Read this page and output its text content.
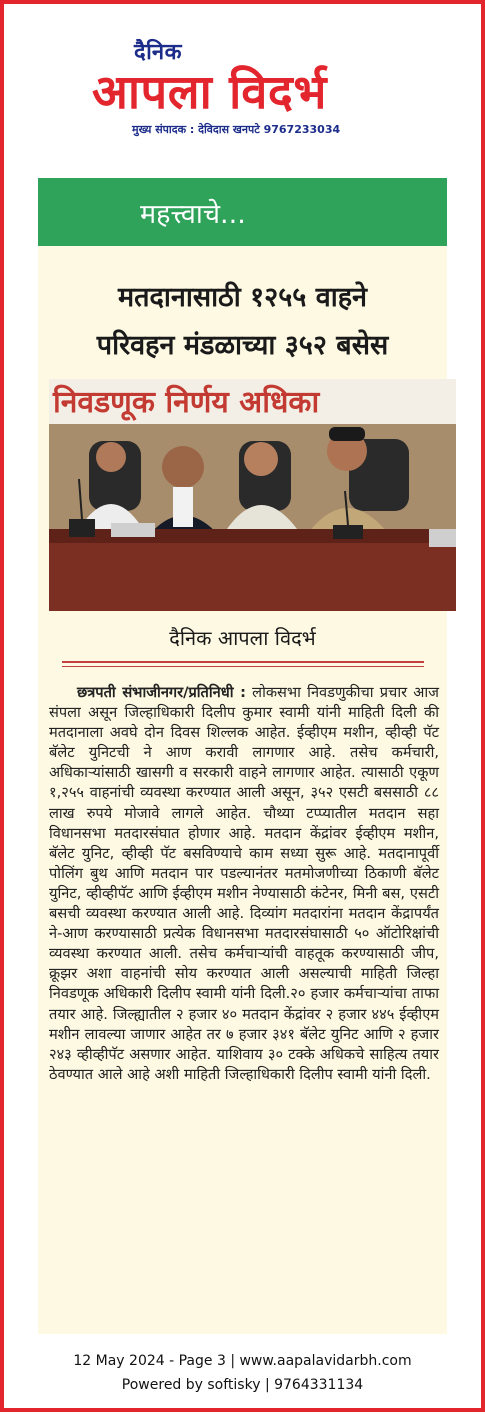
दैनिक
आपला विदर्भ
मुख्य संपादक : देविदास खनपटे 9767233034
महत्त्वाचे...
मतदानासाठी १२५५ वाहने
परिवहन मंडळाच्या ३५२ बसेस
निवडणूक निर्णय अधिका
दैनिक आपला विदर्भ
छत्रपती संभाजीनगर/प्रतिनिधी : लोकसभा निवडणुकीचा प्रचार आज संपला असून जिल्हाधिकारी दिलीप कुमार स्वामी यांनी माहिती दिली की मतदानाला अवघे दोन दिवस शिल्लक आहेत. ईव्हीएम मशीन, व्हीव्ही पॅट बॅलेट युनिटची ने आण करावी लागणार आहे. तसेच कर्मचारी, अधिकाऱ्यांसाठी खासगी व सरकारी वाहने लागणार आहेत. त्यासाठी एकूण १,२५५ वाहनांची व्यवस्था करण्यात आली असून, ३५२ एसटी बससाठी ८८ लाख रुपये मोजावे लागले आहेत. चौथ्या टप्प्यातील मतदान सहा विधानसभा मतदारसंघात होणार आहे. मतदान केंद्रांवर ईव्हीएम मशीन, बॅलेट युनिट, व्हीव्ही पॅट बसविण्याचे काम सध्या सुरू आहे. मतदानापूर्वी पोलिंग बुथ आणि मतदान पार पडल्यानंतर मतमोजणीच्या ठिकाणी बॅलेट युनिट, व्हीव्हीपॅट आणि ईव्हीएम मशीन नेण्यासाठी कंटेनर, मिनी बस, एसटी बसची व्यवस्था करण्यात आली आहे. दिव्यांग मतदारांना मतदान केंद्रापर्यंत ने-आण करण्यासाठी प्रत्येक विधानसभा मतदारसंघासाठी ५० ऑटोरिक्षांची व्यवस्था करण्यात आली. तसेच कर्मचाऱ्यांची वाहतूक करण्यासाठी जीप, क्रूझर अशा वाहनांची सोय करण्यात आली असल्याची माहिती जिल्हा निवडणूक अधिकारी दिलीप स्वामी यांनी दिली.२० हजार कर्मचाऱ्यांचा ताफा तयार आहे. जिल्ह्यातील २ हजार ४० मतदान केंद्रांवर २ हजार ४४५ ईव्हीएम मशीन लावल्या जाणार आहेत तर ७ हजार ३४१ बॅलेट युनिट आणि २ हजार २४३ व्हीव्हीपॅट असणार आहेत. याशिवाय ३० टक्के अधिकचे साहित्य तयार ठेवण्यात आले आहे अशी माहिती जिल्हाधिकारी दिलीप स्वामी यांनी दिली.
12 May 2024 - Page 3 | www.aapalavidarbh.com
Powered by softisky | 9764331134
